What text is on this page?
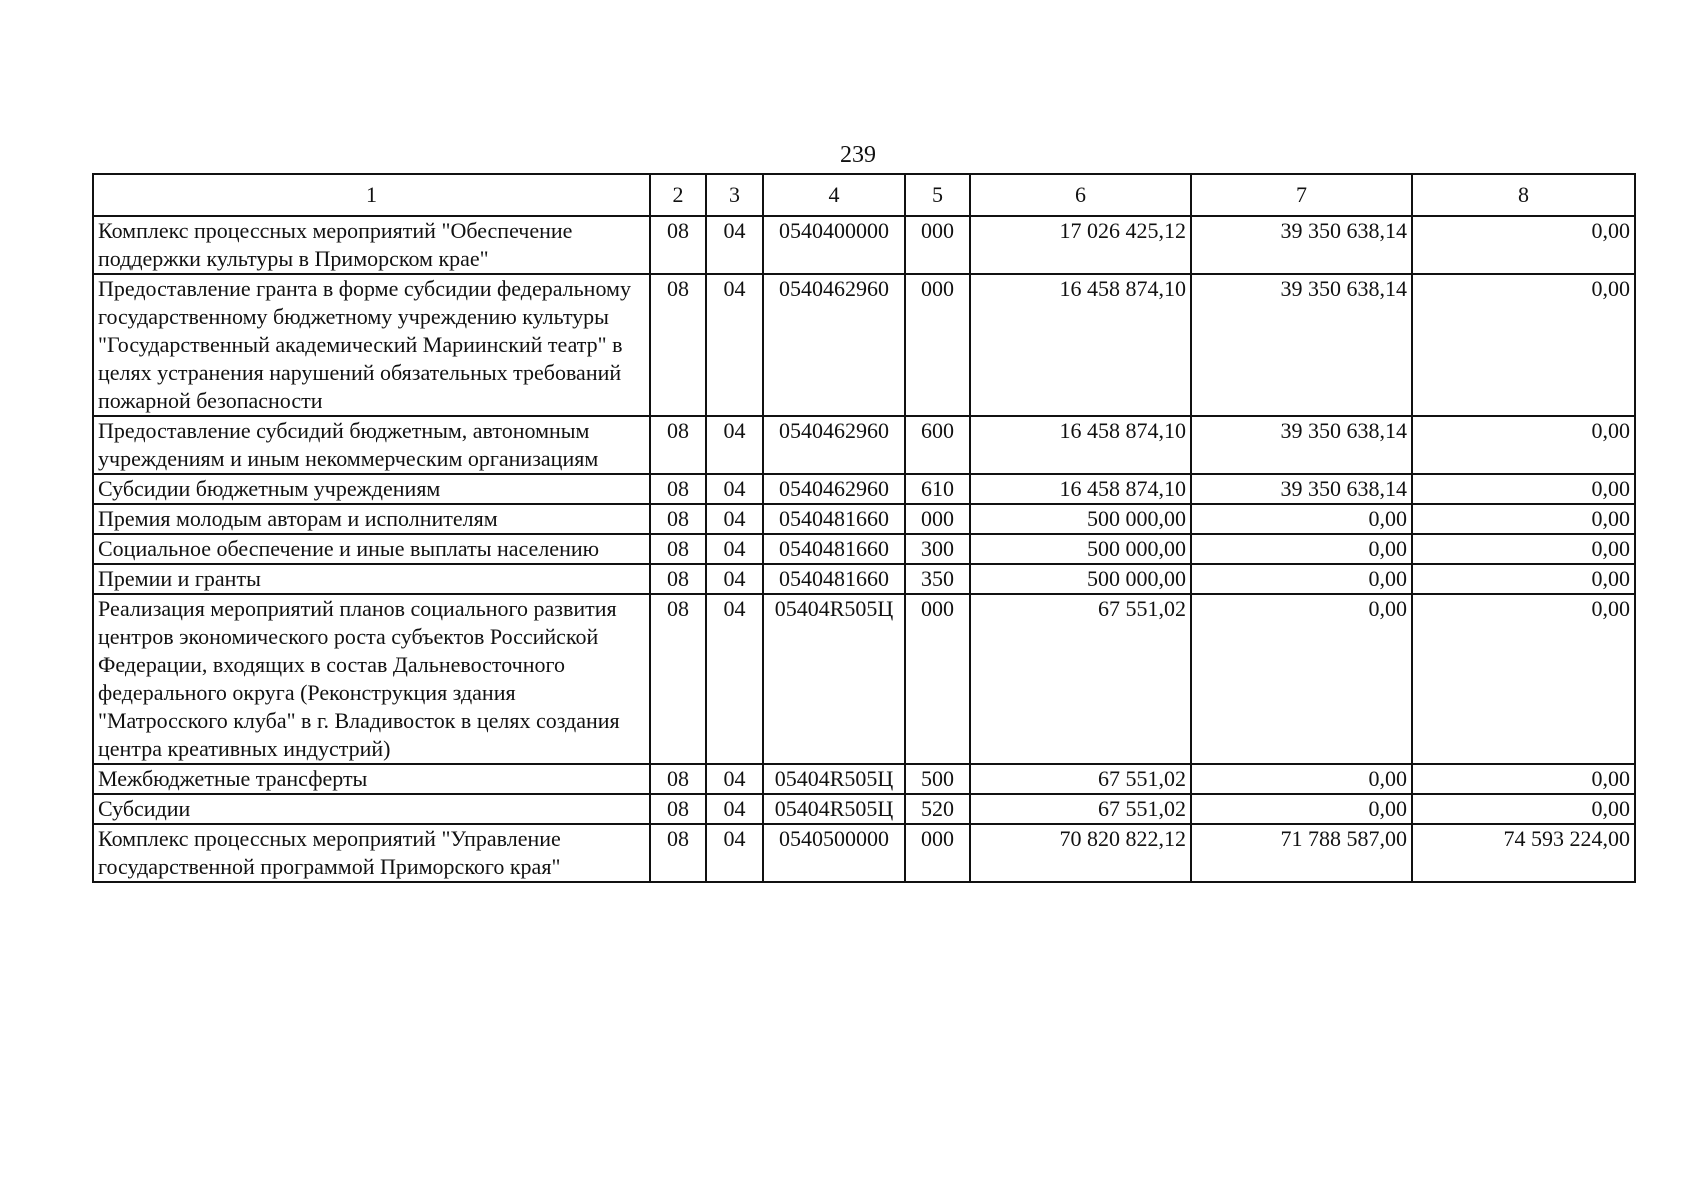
239
1	2	3	4	5	6	7	8
Комплекс процессных мероприятий "Обеспечение поддержки культуры в Приморском крае"	08	04	0540400000	000	17 026 425,12	39 350 638,14	0,00
Предоставление гранта в форме субсидии федеральному государственному бюджетному учреждению культуры "Государственный академический Мариинский театр" в целях устранения нарушений обязательных требований пожарной безопасности	08	04	0540462960	000	16 458 874,10	39 350 638,14	0,00
Предоставление субсидий бюджетным, автономным учреждениям и иным некоммерческим организациям	08	04	0540462960	600	16 458 874,10	39 350 638,14	0,00
Субсидии бюджетным учреждениям	08	04	0540462960	610	16 458 874,10	39 350 638,14	0,00
Премия молодым авторам и исполнителям	08	04	0540481660	000	500 000,00	0,00	0,00
Социальное обеспечение и иные выплаты населению	08	04	0540481660	300	500 000,00	0,00	0,00
Премии и гранты	08	04	0540481660	350	500 000,00	0,00	0,00
Реализация мероприятий планов социального развития центров экономического роста субъектов Российской Федерации, входящих в состав Дальневосточного федерального округа (Реконструкция здания "Матросского клуба" в г. Владивосток в целях создания центра креативных индустрий)	08	04	05404R505Ц	000	67 551,02	0,00	0,00
Межбюджетные трансферты	08	04	05404R505Ц	500	67 551,02	0,00	0,00
Субсидии	08	04	05404R505Ц	520	67 551,02	0,00	0,00
Комплекс процессных мероприятий "Управление государственной программой Приморского края"	08	04	0540500000	000	70 820 822,12	71 788 587,00	74 593 224,00
